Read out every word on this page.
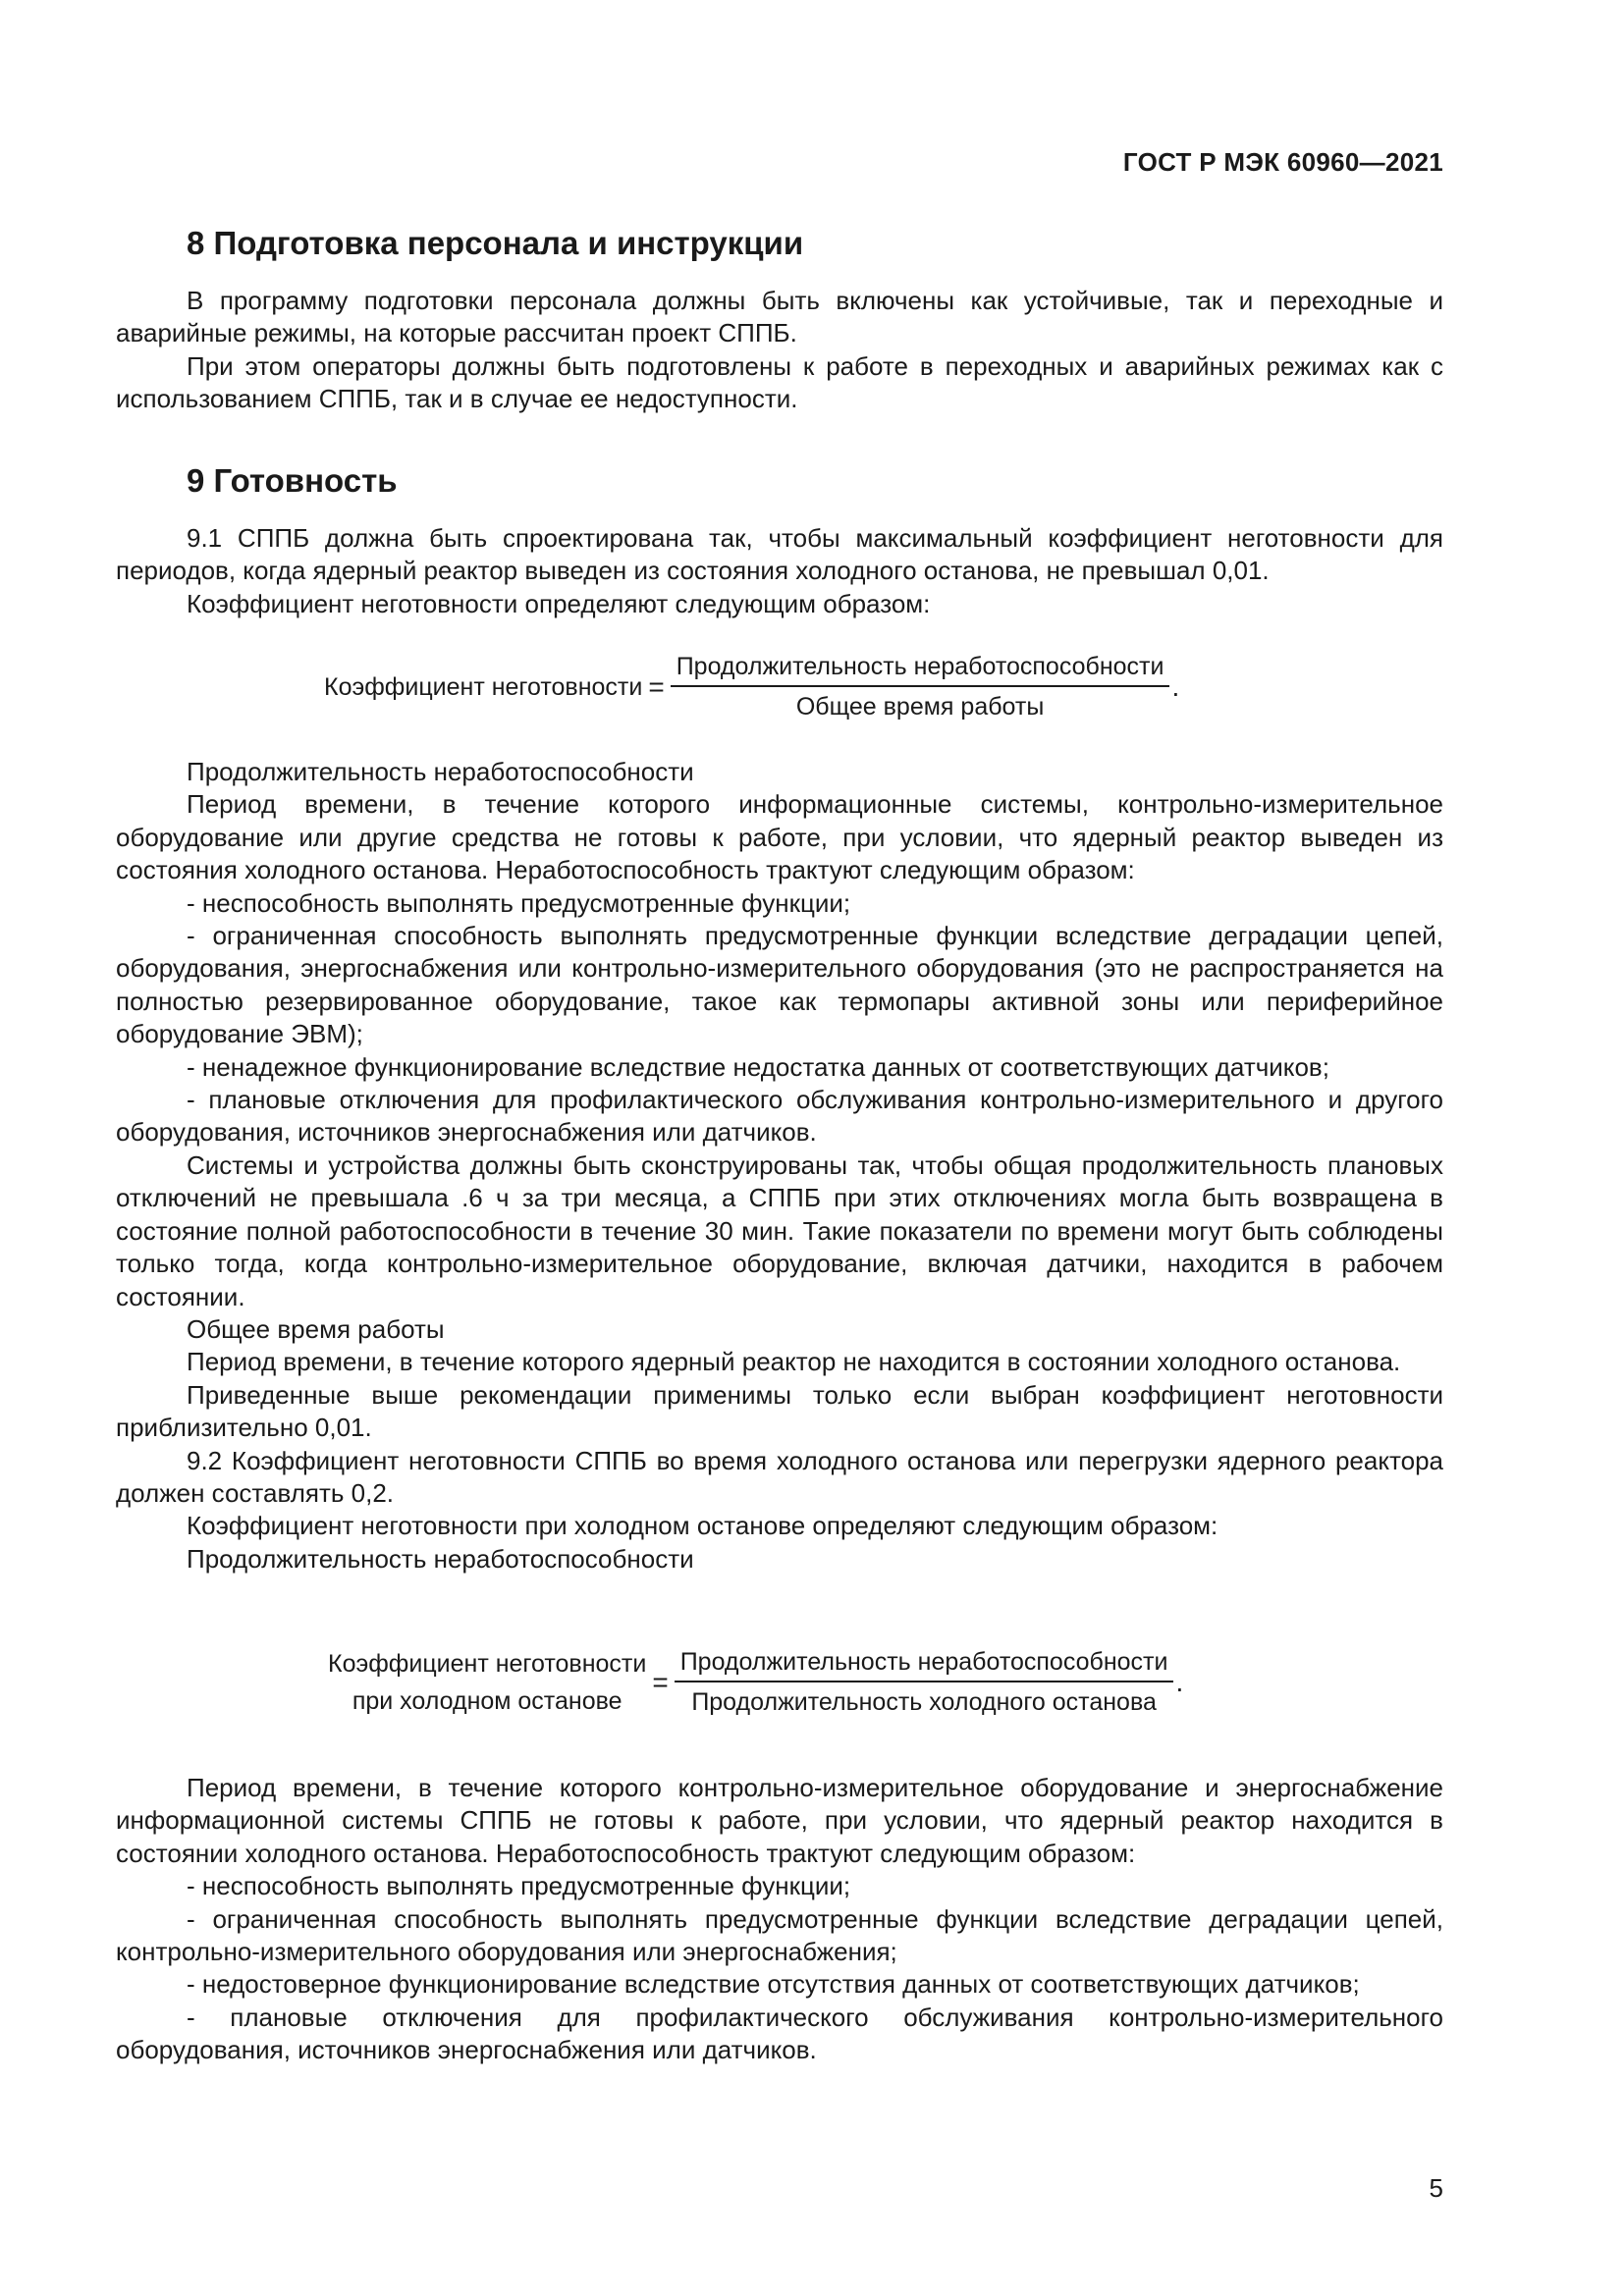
ГОСТ Р МЭК 60960—2021
8 Подготовка персонала и инструкции

В программу подготовки персонала должны быть включены как устойчивые, так и переходные и аварийные режимы, на которые рассчитан проект СППБ.

При этом операторы должны быть подготовлены к работе в переходных и аварийных режимах как с использованием СППБ, так и в случае ее недоступности.

9 Готовность

9.1 СППБ должна быть спроектирована так, чтобы максимальный коэффициент неготовности для периодов, когда ядерный реактор выведен из состояния холодного останова, не превышал 0,01.

Коэффициент неготовности определяют следующим образом:

Коэффициент неготовности = $\frac{\text{Продолжительность неработоспособности}}{\text{Общее время работы}}$ .

Продолжительность неработоспособности

Период времени, в течение которого информационные системы, контрольно-измерительное оборудование или другие средства не готовы к работе, при условии, что ядерный реактор выведен из состояния холодного останова. Неработоспособность трактуют следующим образом:

- неспособность выполнять предусмотренные функции;

- ограниченная способность выполнять предусмотренные функции вследствие деградации цепей, оборудования, энергоснабжения или контрольно-измерительного оборудования (это не распространяется на полностью резервированное оборудование, такое как термопары активной зоны или периферийное оборудование ЭВМ);

- ненадежное функционирование вследствие недостатка данных от соответствующих датчиков;

- плановые отключения для профилактического обслуживания контрольно-измерительного и другого оборудования, источников энергоснабжения или датчиков.

Системы и устройства должны быть сконструированы так, чтобы общая продолжительность плановых отключений не превышала .6 ч за три месяца, а СППБ при этих отключениях могла быть возвращена в состояние полной работоспособности в течение 30 мин. Такие показатели по времени могут быть соблюдены только тогда, когда контрольно-измерительное оборудование, включая датчики, находится в рабочем состоянии.

Общее время работы

Период времени, в течение которого ядерный реактор не находится в состоянии холодного останова.

Приведенные выше рекомендации применимы только если выбран коэффициент неготовности приблизительно 0,01.

9.2 Коэффициент неготовности СППБ во время холодного останова или перегрузки ядерного реактора должен составлять 0,2.

Коэффициент неготовности при холодном останове определяют следующим образом:

Продолжительность неработоспособности

Коэффициент неготовности
при холодном останове
= $\frac{\text{Продолжительность неработоспособности}}{\text{Продолжительность холодного останова}}$ .

Период времени, в течение которого контрольно-измерительное оборудование и энергоснабжение информационной системы СППБ не готовы к работе, при условии, что ядерный реактор находится в состоянии холодного останова. Неработоспособность трактуют следующим образом:

- неспособность выполнять предусмотренные функции;

- ограниченная способность выполнять предусмотренные функции вследствие деградации цепей, контрольно-измерительного оборудования или энергоснабжения;

- недостоверное функционирование вследствие отсутствия данных от соответствующих датчиков;

- плановые отключения для профилактического обслуживания контрольно-измерительного оборудования, источников энергоснабжения или датчиков.

5
